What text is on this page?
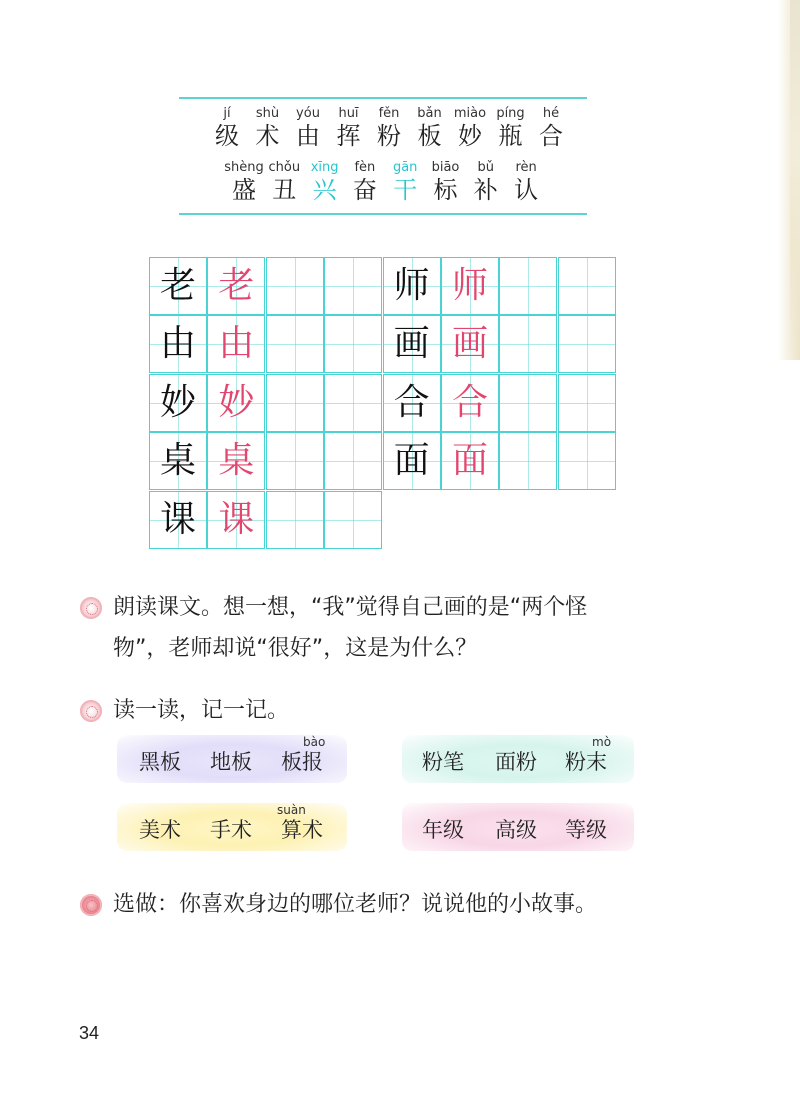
jí
级
shù
术
yóu
由
huī
挥
fěn
粉
bǎn
板
miào
妙
píng
瓶
hé
合
shèng
盛
chǒu
丑
xīng
兴
fèn
奋
gān
干
biāo
标
bǔ
补
rèn
认
老 老
由 由
妙 妙
桌 桌
课 课
师 师
画 画
合 合
面 面
朗读课文。想一想，“我”觉得自己画的是“两个怪
物”，老师却说“很好”，这是为什么？
读一读，记一记。
黑板 地板 板报
bào
粉笔 面粉 粉末
mò
美术 手术 算术
suàn
年级 高级 等级
选做：你喜欢身边的哪位老师？说说他的小故事。
34
